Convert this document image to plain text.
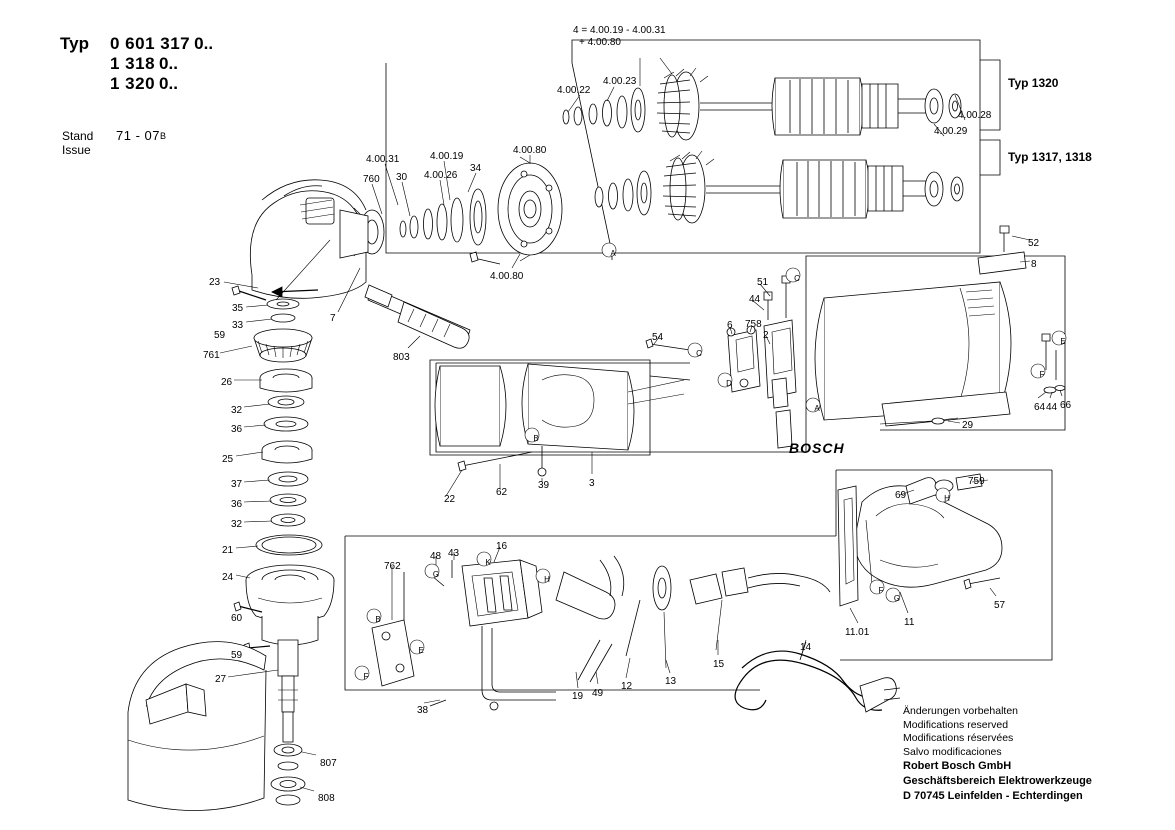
Typ	0 601 317 0..
1 318 0..
1 320 0..
Stand	71 - 07 B
Issue
4 = 4.00.19 - 4.00.31
+ 4.00.80
Typ 1320
Typ 1317, 1318
Änderungen vorbehalten
Modifications reserved
Modifications réservées
Salvo modificaciones
Robert Bosch GmbH
Geschäftsbereich Elektrowerkzeuge
D 70745 Leinfelden - Echterdingen
BOSCH
4.00.22
4.00.23
4.00.28
4.00.29
4.00.31	4.00.19
4.00.26
4.00.80
4.00.80
34
760 30
23
35
33
59
761
7
803
26
32
36
25
37
36
32
21
24
60
59
27
807
808
22
62
39	3
54
6 758
2
44
51
52
8
29
64 44 66
759
69
11
11.01
57
762
48 43
16
38
19 49
12	13
15
14
A
A
C
C
D
B
E
F
B
E
F
K
H
G
H
F
G
